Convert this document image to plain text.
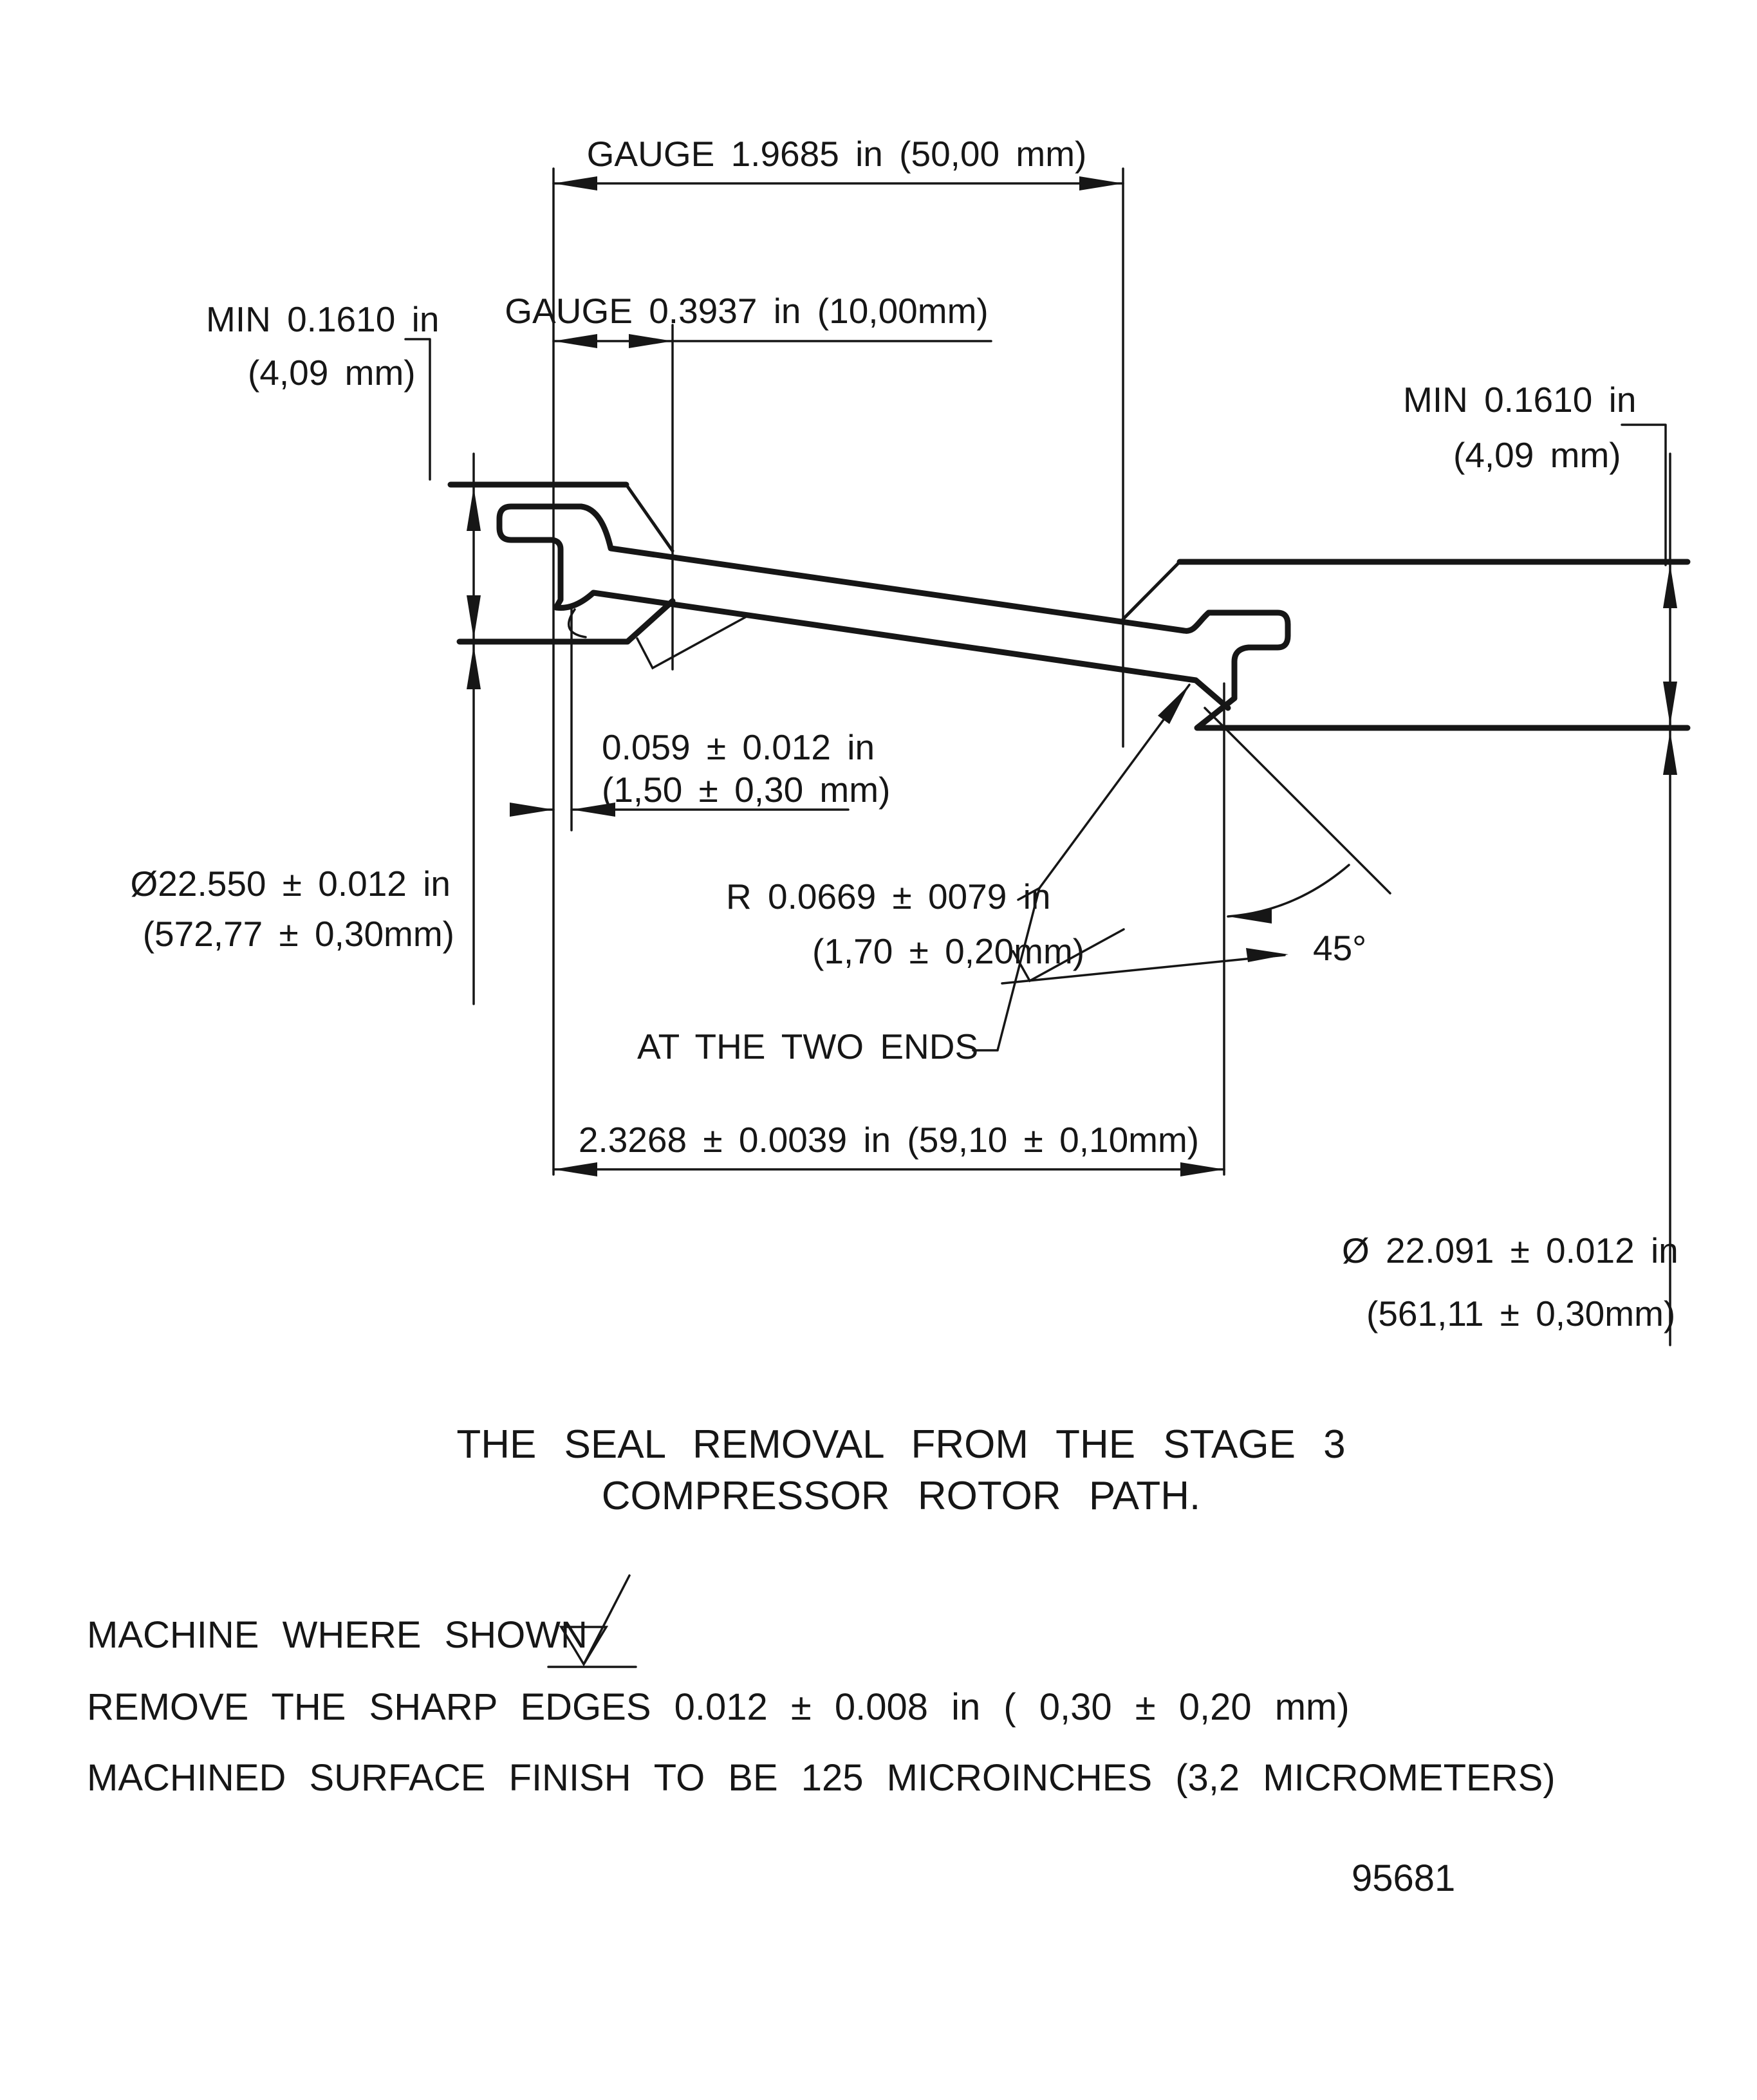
GAUGE 1.9685 in (50,00 mm)
GAUGE 0.3937 in (10,00mm)
MIN 0.1610 in
(4,09 mm)
MIN 0.1610 in
(4,09 mm)
0.059 ± 0.012 in
(1,50 ± 0,30 mm)
Ø22.550 ± 0.012 in
(572,77 ± 0,30mm)
R 0.0669 ± 0079 in
(1,70 ± 0,20mm)
AT THE TWO ENDS
45°
2.3268 ± 0.0039 in (59,10 ± 0,10mm)
Ø 22.091 ± 0.012 in
(561,11 ± 0,30mm)
THE SEAL REMOVAL FROM THE STAGE 3
COMPRESSOR ROTOR PATH.
MACHINE WHERE SHOWN
REMOVE THE SHARP EDGES 0.012 ± 0.008 in ( 0,30 ± 0,20 mm)
MACHINED SURFACE FINISH TO BE 125 MICROINCHES (3,2 MICROMETERS)
95681
